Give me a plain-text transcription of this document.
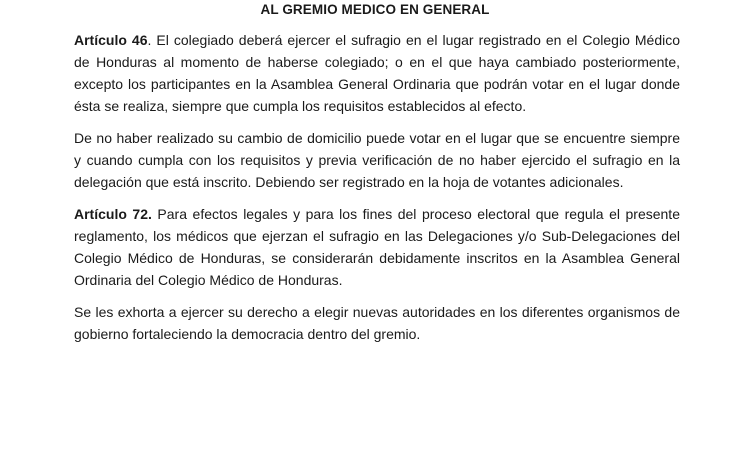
AL GREMIO MEDICO EN GENERAL

Artículo 46. El colegiado deberá ejercer el sufragio en el lugar registrado en el Colegio Médico de Honduras al momento de haberse colegiado; o en el que haya cambiado posteriormente, excepto los participantes en la Asamblea General Ordinaria que podrán votar en el lugar donde ésta se realiza, siempre que cumpla los requisitos establecidos al efecto.

De no haber realizado su cambio de domicilio puede votar en el lugar que se encuentre siempre y cuando cumpla con los requisitos y previa verificación de no haber ejercido el sufragio en la delegación que está inscrito. Debiendo ser registrado en la hoja de votantes adicionales.

Artículo 72. Para efectos legales y para los fines del proceso electoral que regula el presente reglamento, los médicos que ejerzan el sufragio en las Delegaciones y/o Sub-Delegaciones del Colegio Médico de Honduras, se considerarán debidamente inscritos en la Asamblea General Ordinaria del Colegio Médico de Honduras.

Se les exhorta a ejercer su derecho a elegir nuevas autoridades en los diferentes organismos de gobierno fortaleciendo la democracia dentro del gremio.
